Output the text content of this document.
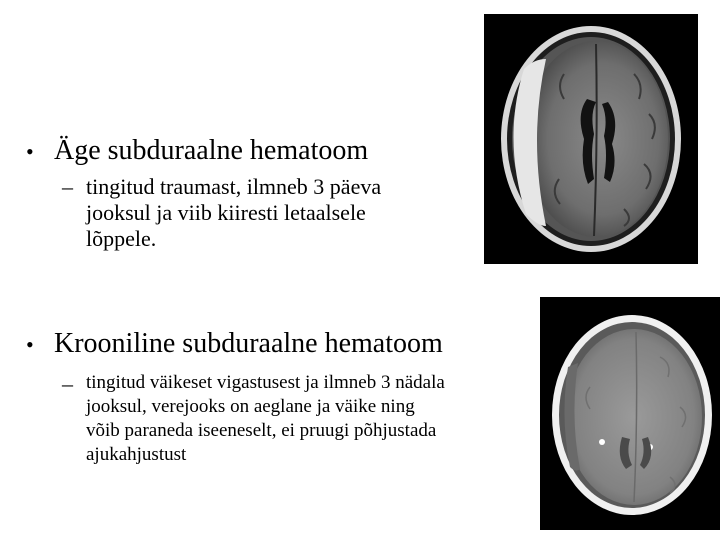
• Äge subduraalne hematoom
– tingitud traumast, ilmneb 3 päeva
jooksul ja viib kiiresti letaalsele
lõppele.
• Krooniline subduraalne hematoom
– tingitud väikeset vigastusest ja ilmneb 3 nädala
jooksul, verejooks on aeglane ja väike ning
võib paraneda iseeneselt, ei pruugi põhjustada
ajukahjustust
